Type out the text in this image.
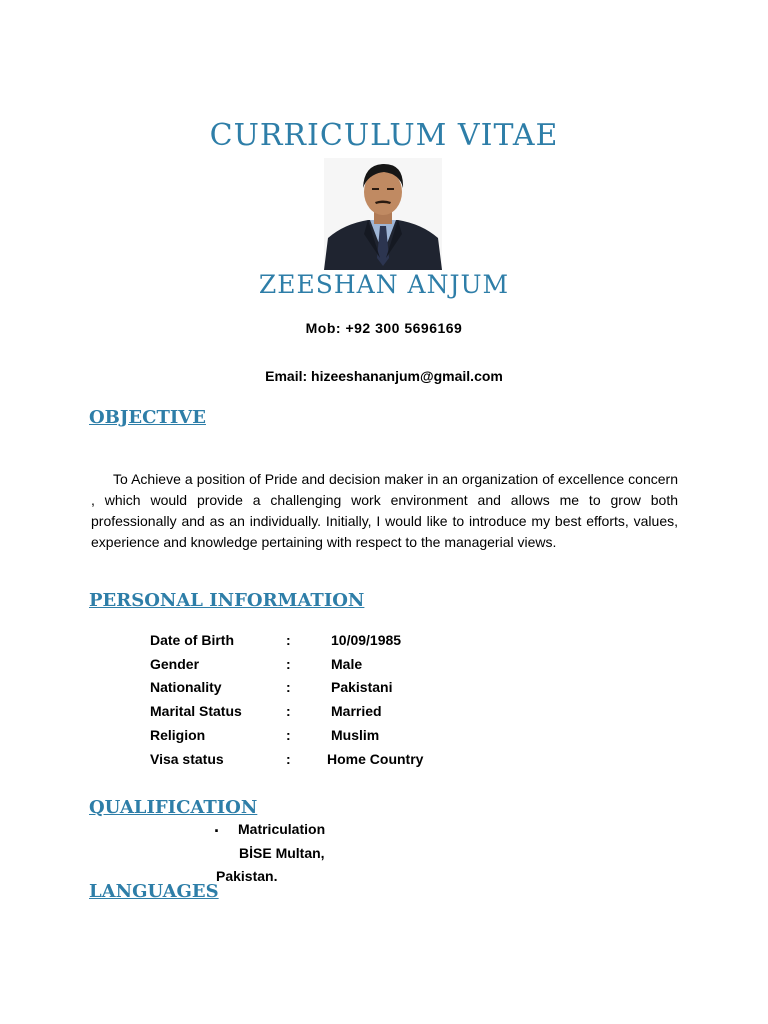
CURRICULUM VITAE
ZEESHAN ANJUM
Mob: +92 300 5696169
Email: hizeeshananjum@gmail.com
OBJECTIVE
To Achieve a position of Pride and decision maker in an organization of excellence concern , which would provide a challenging work environment and allows me to grow both professionally and as an individually. Initially, I would like to introduce my best efforts, values, experience and knowledge pertaining with respect to the managerial views.
PERSONAL INFORMATION
Date of Birth	:	10/09/1985
Gender	:	Male
Nationality	:	Pakistani
Marital Status	:	Married
Religion	:	Muslim
Visa status	:	Home Country
QUALIFICATION
. Matriculation
BİSE Multan,
Pakistan.
LANGUAGES
